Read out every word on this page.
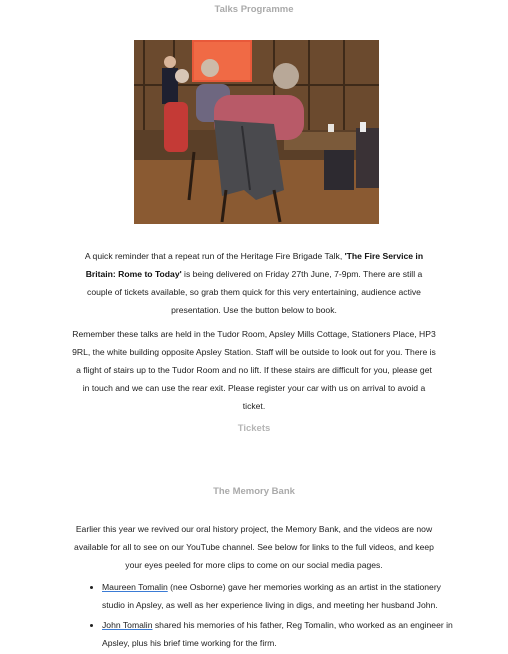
Talks Programme
A quick reminder that a repeat run of the Heritage Fire Brigade Talk, 'The Fire Service in Britain: Rome to Today' is being delivered on Friday 27th June, 7-9pm. There are still a couple of tickets available, so grab them quick for this very entertaining, audience active presentation. Use the button below to book.
Remember these talks are held in the Tudor Room, Apsley Mills Cottage, Stationers Place, HP3 9RL, the white building opposite Apsley Station. Staff will be outside to look out for you. There is a flight of stairs up to the Tudor Room and no lift. If these stairs are difficult for you, please get in touch and we can use the rear exit. Please register your car with us on arrival to avoid a ticket.
Tickets
The Memory Bank
Earlier this year we revived our oral history project, the Memory Bank, and the videos are now available for all to see on our YouTube channel. See below for links to the full videos, and keep your eyes peeled for more clips to come on our social media pages.
• Maureen Tomalin (nee Osborne) gave her memories working as an artist in the stationery studio in Apsley, as well as her experience living in digs, and meeting her husband John.
• John Tomalin shared his memories of his father, Reg Tomalin, who worked as an engineer in Apsley, plus his brief time working for the firm.
